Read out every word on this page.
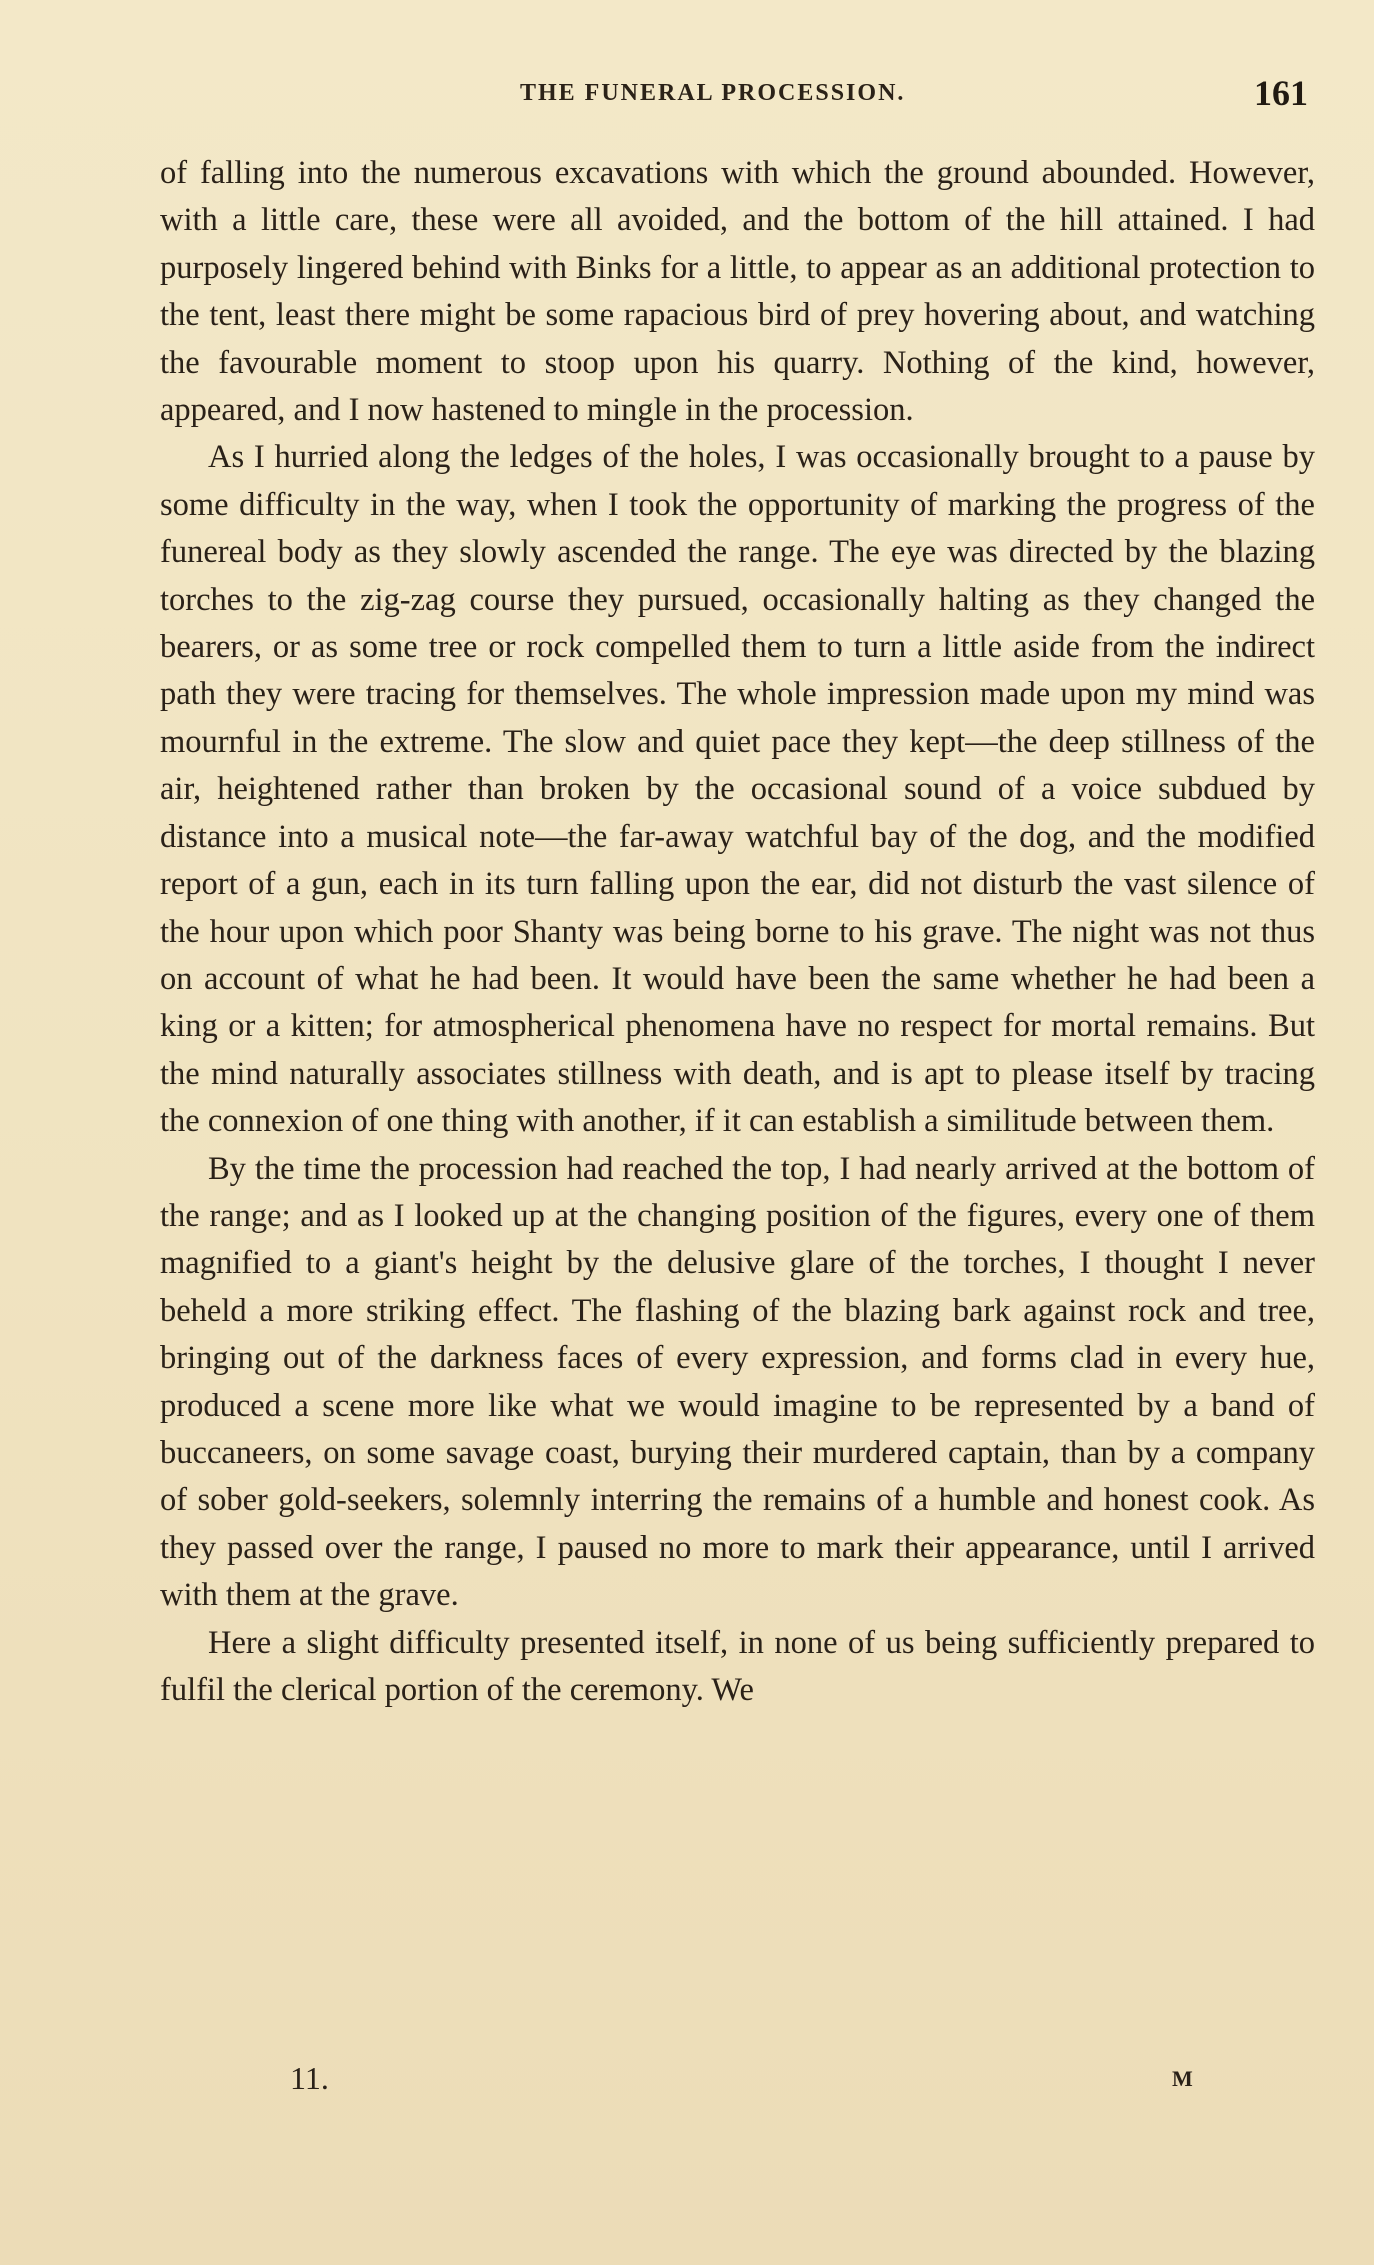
THE FUNERAL PROCESSION.	161

of falling into the numerous excavations with which the ground abounded. However, with a little care, these were all avoided, and the bottom of the hill attained. I had purposely lingered behind with Binks for a little, to appear as an additional protection to the tent, least there might be some rapacious bird of prey hovering about, and watching the favourable moment to stoop upon his quarry. Nothing of the kind, however, appeared, and I now hastened to mingle in the procession.

As I hurried along the ledges of the holes, I was occasionally brought to a pause by some difficulty in the way, when I took the opportunity of marking the progress of the funereal body as they slowly ascended the range. The eye was directed by the blazing torches to the zig-zag course they pursued, occasionally halting as they changed the bearers, or as some tree or rock compelled them to turn a little aside from the indirect path they were tracing for themselves. The whole impression made upon my mind was mournful in the extreme. The slow and quiet pace they kept—the deep stillness of the air, heightened rather than broken by the occasional sound of a voice subdued by distance into a musical note—the far-away watchful bay of the dog, and the modified report of a gun, each in its turn falling upon the ear, did not disturb the vast silence of the hour upon which poor Shanty was being borne to his grave. The night was not thus on account of what he had been. It would have been the same whether he had been a king or a kitten; for atmospherical phenomena have no respect for mortal remains. But the mind naturally associates stillness with death, and is apt to please itself by tracing the connexion of one thing with another, if it can establish a similitude between them.

By the time the procession had reached the top, I had nearly arrived at the bottom of the range; and as I looked up at the changing position of the figures, every one of them magnified to a giant's height by the delusive glare of the torches, I thought I never beheld a more striking effect. The flashing of the blazing bark against rock and tree, bringing out of the darkness faces of every expression, and forms clad in every hue, produced a scene more like what we would imagine to be represented by a band of buccaneers, on some savage coast, burying their murdered captain, than by a company of sober gold-seekers, solemnly interring the remains of a humble and honest cook. As they passed over the range, I paused no more to mark their appearance, until I arrived with them at the grave.

Here a slight difficulty presented itself, in none of us being sufficiently prepared to fulfil the clerical portion of the ceremony. We

11.	M
